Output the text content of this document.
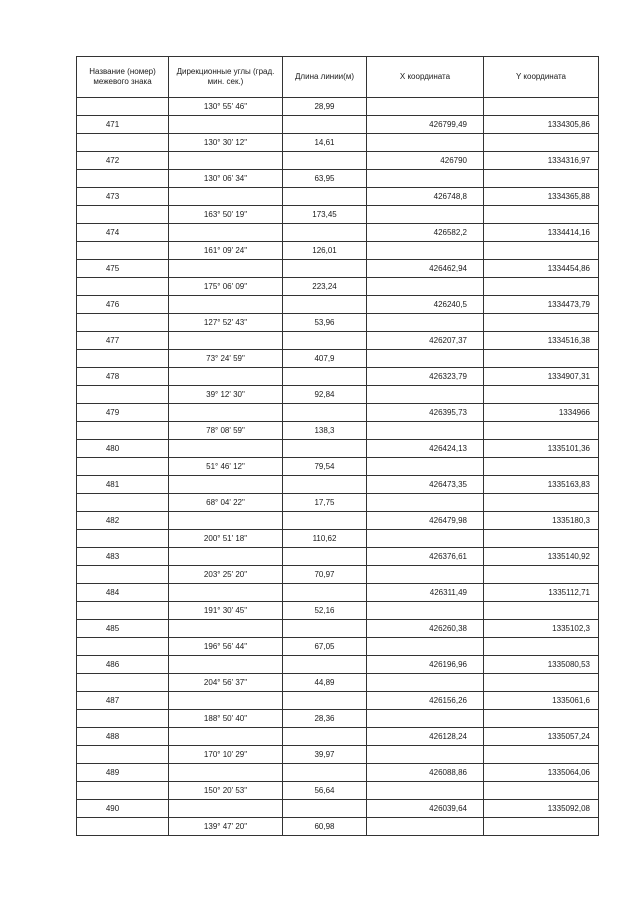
Название (номер) межевого знака	Дирекционные углы (град. мин. сек.)	Длина линии(м)	X координата	Y координата
	130° 55' 46"	28,99		
471			426799,49	1334305,86
	130° 30' 12"	14,61		
472			426790	1334316,97
	130° 06' 34"	63,95		
473			426748,8	1334365,88
	163° 50' 19"	173,45		
474			426582,2	1334414,16
	161° 09' 24"	126,01		
475			426462,94	1334454,86
	175° 06' 09"	223,24		
476			426240,5	1334473,79
	127° 52' 43"	53,96		
477			426207,37	1334516,38
	73° 24' 59"	407,9		
478			426323,79	1334907,31
	39° 12' 30"	92,84		
479			426395,73	1334966
	78° 08' 59"	138,3		
480			426424,13	1335101,36
	51° 46' 12"	79,54		
481			426473,35	1335163,83
	68° 04' 22"	17,75		
482			426479,98	1335180,3
	200° 51' 18"	110,62		
483			426376,61	1335140,92
	203° 25' 20"	70,97		
484			426311,49	1335112,71
	191° 30' 45"	52,16		
485			426260,38	1335102,3
	196° 56' 44"	67,05		
486			426196,96	1335080,53
	204° 56' 37"	44,89		
487			426156,26	1335061,6
	188° 50' 40"	28,36		
488			426128,24	1335057,24
	170° 10' 29"	39,97		
489			426088,86	1335064,06
	150° 20' 53"	56,64		
490			426039,64	1335092,08
	139° 47' 20"	60,98		
